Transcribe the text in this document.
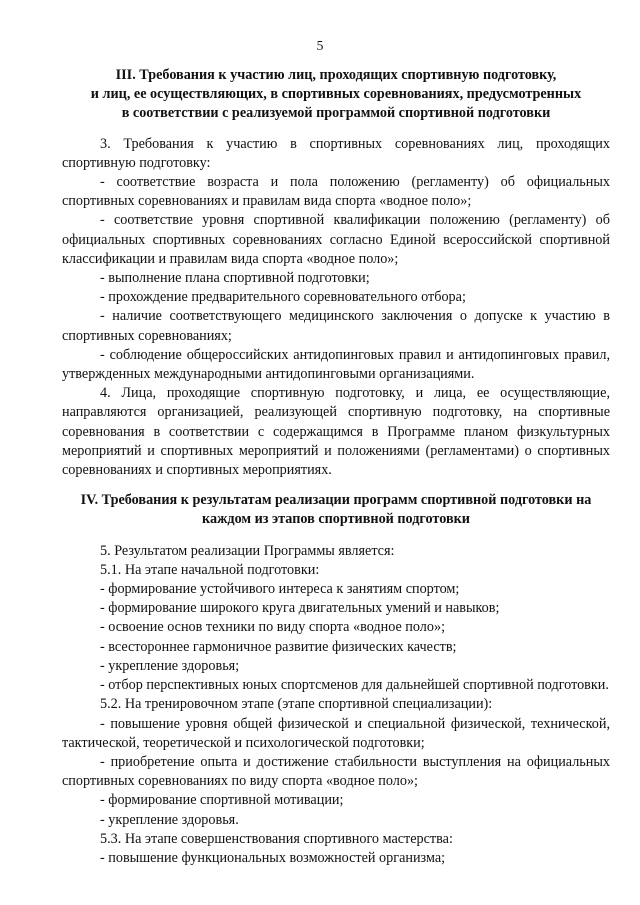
5
III. Требования к участию лиц, проходящих спортивную подготовку,
и лиц, ее осуществляющих, в спортивных соревнованиях, предусмотренных
в соответствии с реализуемой программой спортивной подготовки

3. Требования к участию в спортивных соревнованиях лиц, проходящих спортивную подготовку:

- соответствие возраста и пола положению (регламенту) об официальных спортивных соревнованиях и правилам вида спорта «водное поло»;

- соответствие уровня спортивной квалификации положению (регламенту) об официальных спортивных соревнованиях согласно Единой всероссийской спортивной классификации и правилам вида спорта «водное поло»;

- выполнение плана спортивной подготовки;

- прохождение предварительного соревновательного отбора;

- наличие соответствующего медицинского заключения о допуске к участию в спортивных соревнованиях;

- соблюдение общероссийских антидопинговых правил и антидопинговых правил, утвержденных международными антидопинговыми организациями.

4. Лица, проходящие спортивную подготовку, и лица, ее осуществляющие, направляются организацией, реализующей спортивную подготовку, на спортивные соревнования в соответствии с содержащимся в Программе планом физкультурных мероприятий и спортивных мероприятий и положениями (регламентами) о спортивных соревнованиях и спортивных мероприятиях.

IV. Требования к результатам реализации программ спортивной подготовки на
каждом из этапов спортивной подготовки

5. Результатом реализации Программы является:

5.1. На этапе начальной подготовки:

- формирование устойчивого интереса к занятиям спортом;

- формирование широкого круга двигательных умений и навыков;

- освоение основ техники по виду спорта «водное поло»;

- всестороннее гармоничное развитие физических качеств;

- укрепление здоровья;

- отбор перспективных юных спортсменов для дальнейшей спортивной подготовки.

5.2. На тренировочном этапе (этапе спортивной специализации):

- повышение уровня общей физической и специальной физической, технической, тактической, теоретической и психологической подготовки;

- приобретение опыта и достижение стабильности выступления на официальных спортивных соревнованиях по виду спорта «водное поло»;

- формирование спортивной мотивации;

- укрепление здоровья.

5.3. На этапе совершенствования спортивного мастерства:

- повышение функциональных возможностей организма;
